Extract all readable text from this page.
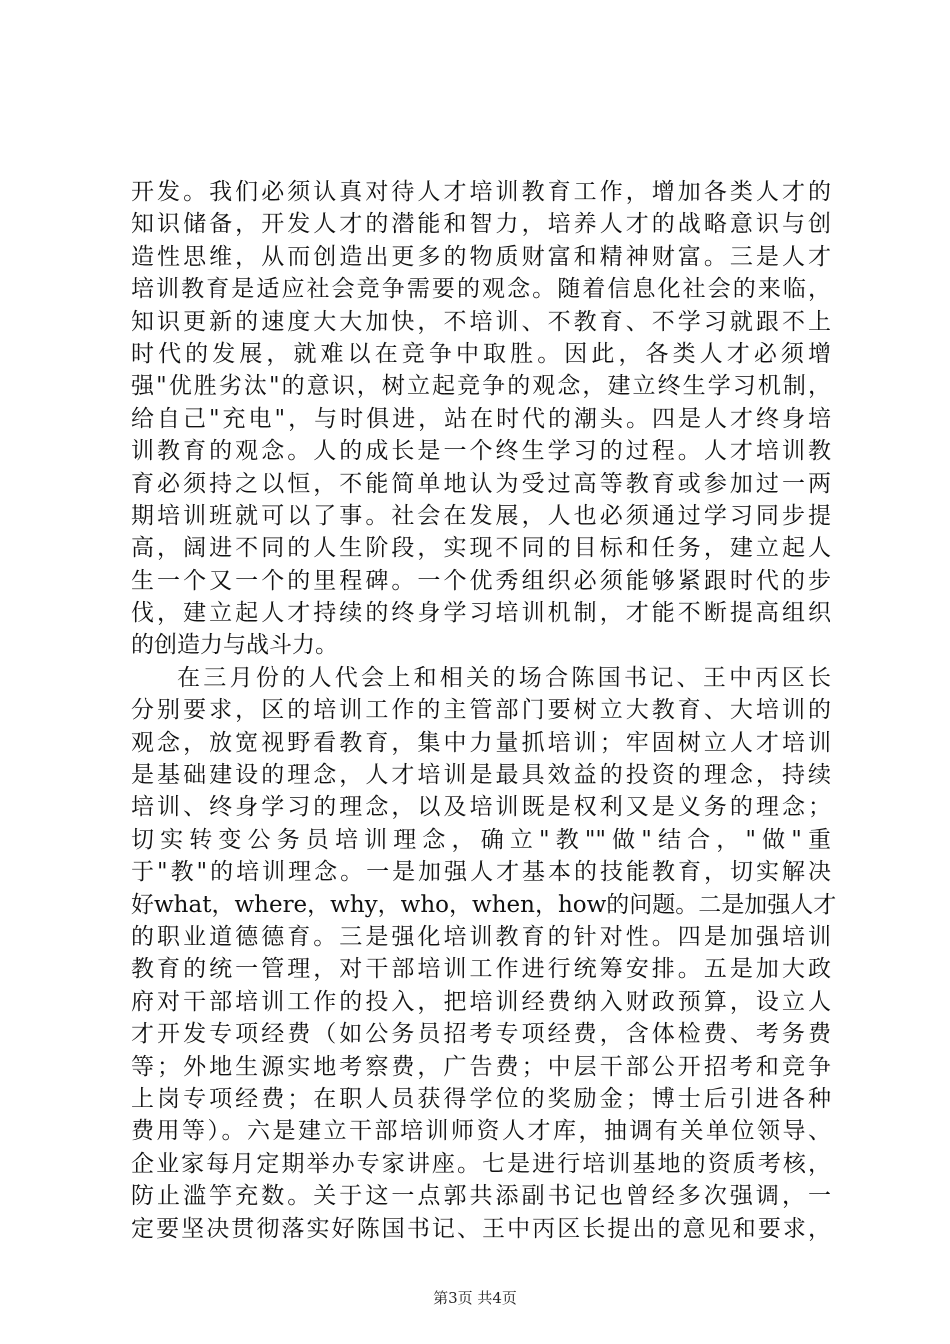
开发。我们必须认真对待人才培训教育工作，增加各类人才的
知识储备，开发人才的潜能和智力，培养人才的战略意识与创
造性思维，从而创造出更多的物质财富和精神财富。三是人才
培训教育是适应社会竞争需要的观念。随着信息化社会的来临，
知识更新的速度大大加快，不培训、不教育、不学习就跟不上
时代的发展，就难以在竞争中取胜。因此，各类人才必须增
强"优胜劣汰"的意识，树立起竞争的观念，建立终生学习机制，
给自己"充电"，与时俱进，站在时代的潮头。四是人才终身培
训教育的观念。人的成长是一个终生学习的过程。人才培训教
育必须持之以恒，不能简单地认为受过高等教育或参加过一两
期培训班就可以了事。社会在发展，人也必须通过学习同步提
高，阔进不同的人生阶段，实现不同的目标和任务，建立起人
生一个又一个的里程碑。一个优秀组织必须能够紧跟时代的步
伐，建立起人才持续的终身学习培训机制，才能不断提高组织
的创造力与战斗力。
在三月份的人代会上和相关的场合陈国书记、王中丙区长
分别要求，区的培训工作的主管部门要树立大教育、大培训的
观念，放宽视野看教育，集中力量抓培训；牢固树立人才培训
是基础建设的理念，人才培训是最具效益的投资的理念，持续
培训、终身学习的理念，以及培训既是权利又是义务的理念；
切实转变公务员培训理念，确立"教""做"结合，"做"重
于"教"的培训理念。一是加强人才基本的技能教育，切实解决
好what，where，why，who，when，how的问题。二是加强人才
的职业道德德育。三是强化培训教育的针对性。四是加强培训
教育的统一管理，对干部培训工作进行统筹安排。五是加大政
府对干部培训工作的投入，把培训经费纳入财政预算，设立人
才开发专项经费（如公务员招考专项经费，含体检费、考务费
等；外地生源实地考察费，广告费；中层干部公开招考和竞争
上岗专项经费；在职人员获得学位的奖励金；博士后引进各种
费用等）。六是建立干部培训师资人才库，抽调有关单位领导、
企业家每月定期举办专家讲座。七是进行培训基地的资质考核，
防止滥竽充数。关于这一点郭共添副书记也曾经多次强调，一
定要坚决贯彻落实好陈国书记、王中丙区长提出的意见和要求，
第3页 共4页
